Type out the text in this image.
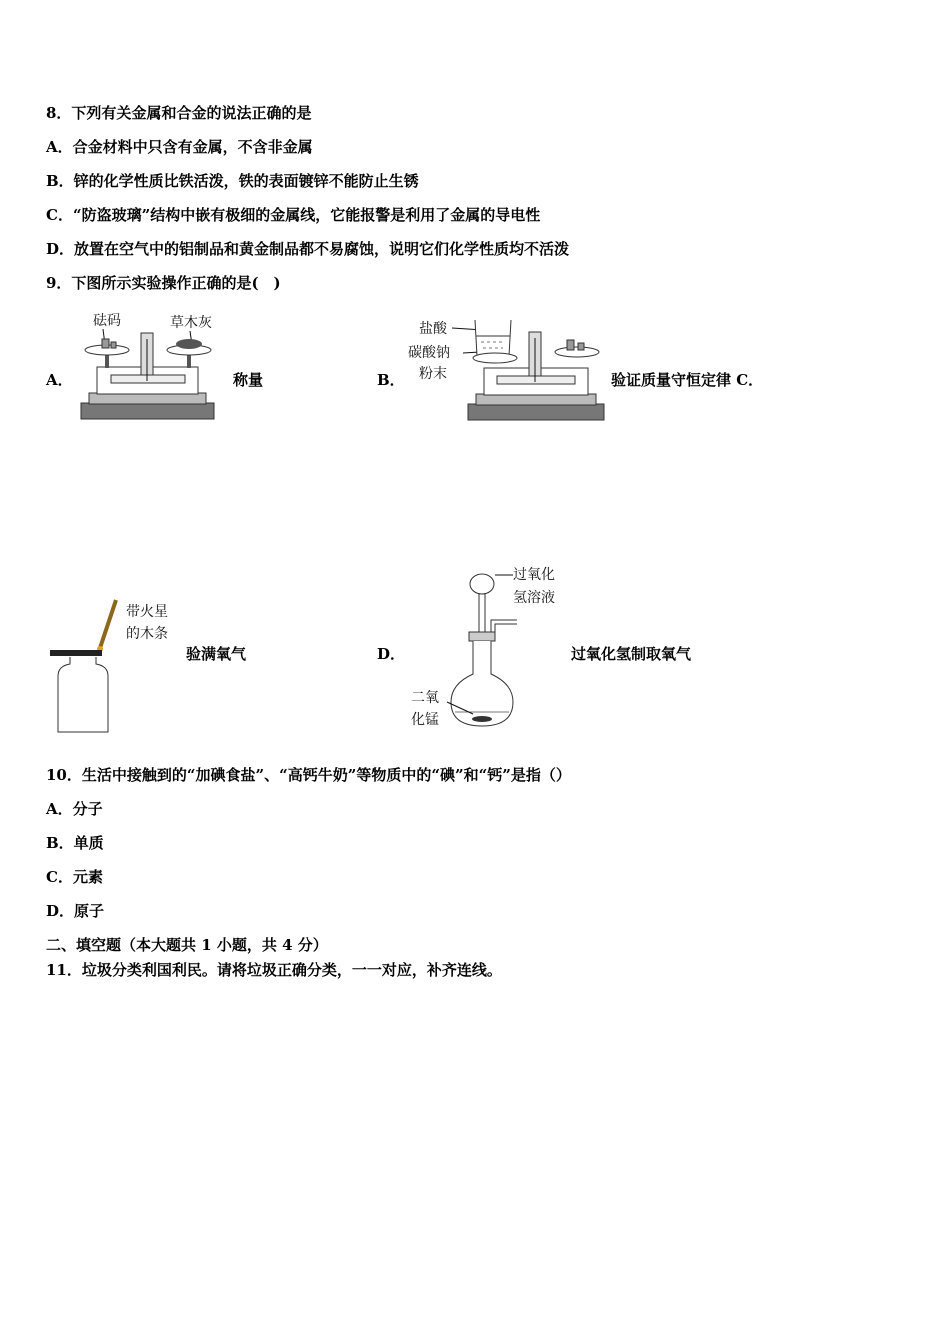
8．下列有关金属和合金的说法正确的是
A．合金材料中只含有金属，不含非金属
B．锌的化学性质比铁活泼，铁的表面镀锌不能防止生锈
C．“防盗玻璃”结构中嵌有极细的金属线，它能报警是利用了金属的导电性
D．放置在空气中的铝制品和黄金制品都不易腐蚀，说明它们化学性质均不活泼
9．下图所示实验操作正确的是(　)
A．
砝码	草木灰
称量	B．
盐酸
碳酸钠
粉末	验证质量守恒定律 C．
带火星
的木条
验满氧气	D．
过氧化
氢溶液
二氧
化锰
过氧化氢制取氧气
10．生活中接触到的“加碘食盐”、“高钙牛奶”等物质中的“碘”和“钙”是指（）
A．分子
B．单质
C．元素
D．原子
二、填空题（本大题共 1 小题，共 4 分）
11．垃圾分类利国利民。请将垃圾正确分类，一一对应，补齐连线。
